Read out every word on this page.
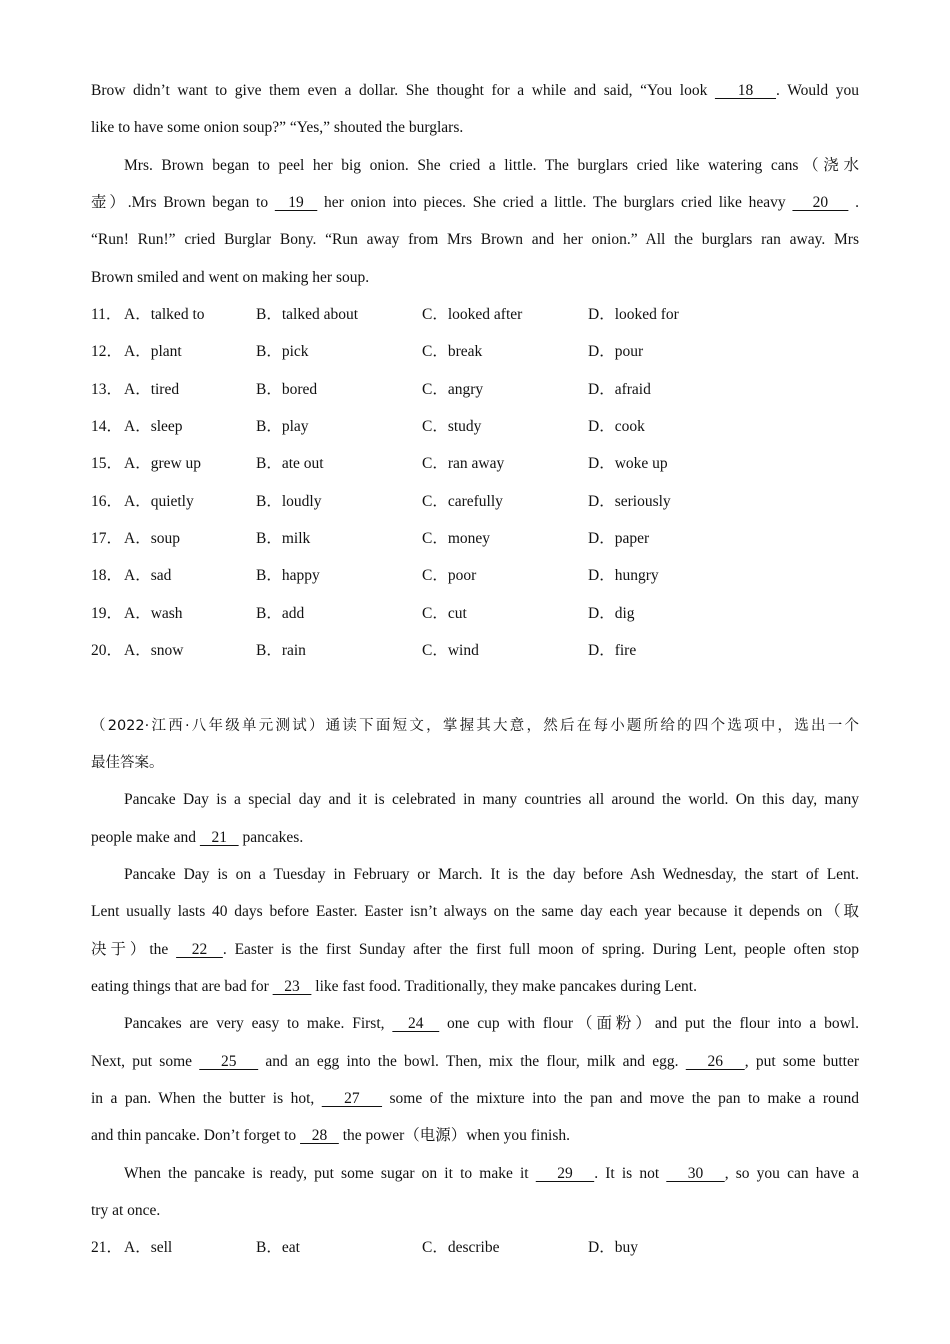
Brow didn’t want to give them even a dollar. She thought for a while and said, “You look    18   . Would you
like to have some onion soup?” “Yes,” shouted the burglars.
Mrs. Brown began to peel her big onion. She cried a little. The burglars cried like watering cans（浇水
壶）.Mrs Brown began to   19   her onion into pieces. She cried a little. The burglars cried like heavy    20    .
“Run! Run!” cried Burglar Bony. “Run away from Mrs Brown and her onion.” All the burglars ran away. Mrs
Brown smiled and went on making her soup.
11． A．talked to	B．talked about	C．looked after	D．looked for
12． A．plant	B．pick	C．break	D．pour
13． A．tired	B．bored	C．angry	D．afraid
14． A．sleep	B．play	C．study	D．cook
15． A．grew up	B．ate out	C．ran away	D．woke up
16． A．quietly	B．loudly	C．carefully	D．seriously
17． A．soup	B．milk	C．money	D．paper
18． A．sad	B．happy	C．poor	D．hungry
19． A．wash	B．add	C．cut	D．dig
20． A．snow	B．rain	C．wind	D．fire
（2022·江西·八年级单元测试）通读下面短文，掌握其大意，然后在每小题所给的四个选项中，选出一个
最佳答案。
Pancake Day is a special day and it is celebrated in many countries all around the world. On this day, many
people make and    21    pancakes.
Pancake Day is on a Tuesday in February or March. It is the day before Ash Wednesday, the start of Lent.
Lent usually lasts 40 days before Easter. Easter isn’t always on the same day each year because it depends on（取
决于）the   22  . Easter is the first Sunday after the first full moon of spring. During Lent, people often stop
eating things that are bad for    23    like fast food. Traditionally, they make pancakes during Lent.
Pancakes are very easy to make. First,   24   one cup with flour（面粉）and put the flour into a bowl.
Next, put some    25    and an egg into the bowl. Then, mix the flour, milk and egg.    26   , put some butter
in a pan. When the butter is hot,    27    some of the mixture into the pan and move the pan to make a round
and thin pancake. Don’t forget to    28    the power（电源）when you finish.
When the pancake is ready, put some sugar on it to make it    29   . It is not    30   , so you can have a
try at once.
21． A．sell	B．eat	C．describe	D．buy
